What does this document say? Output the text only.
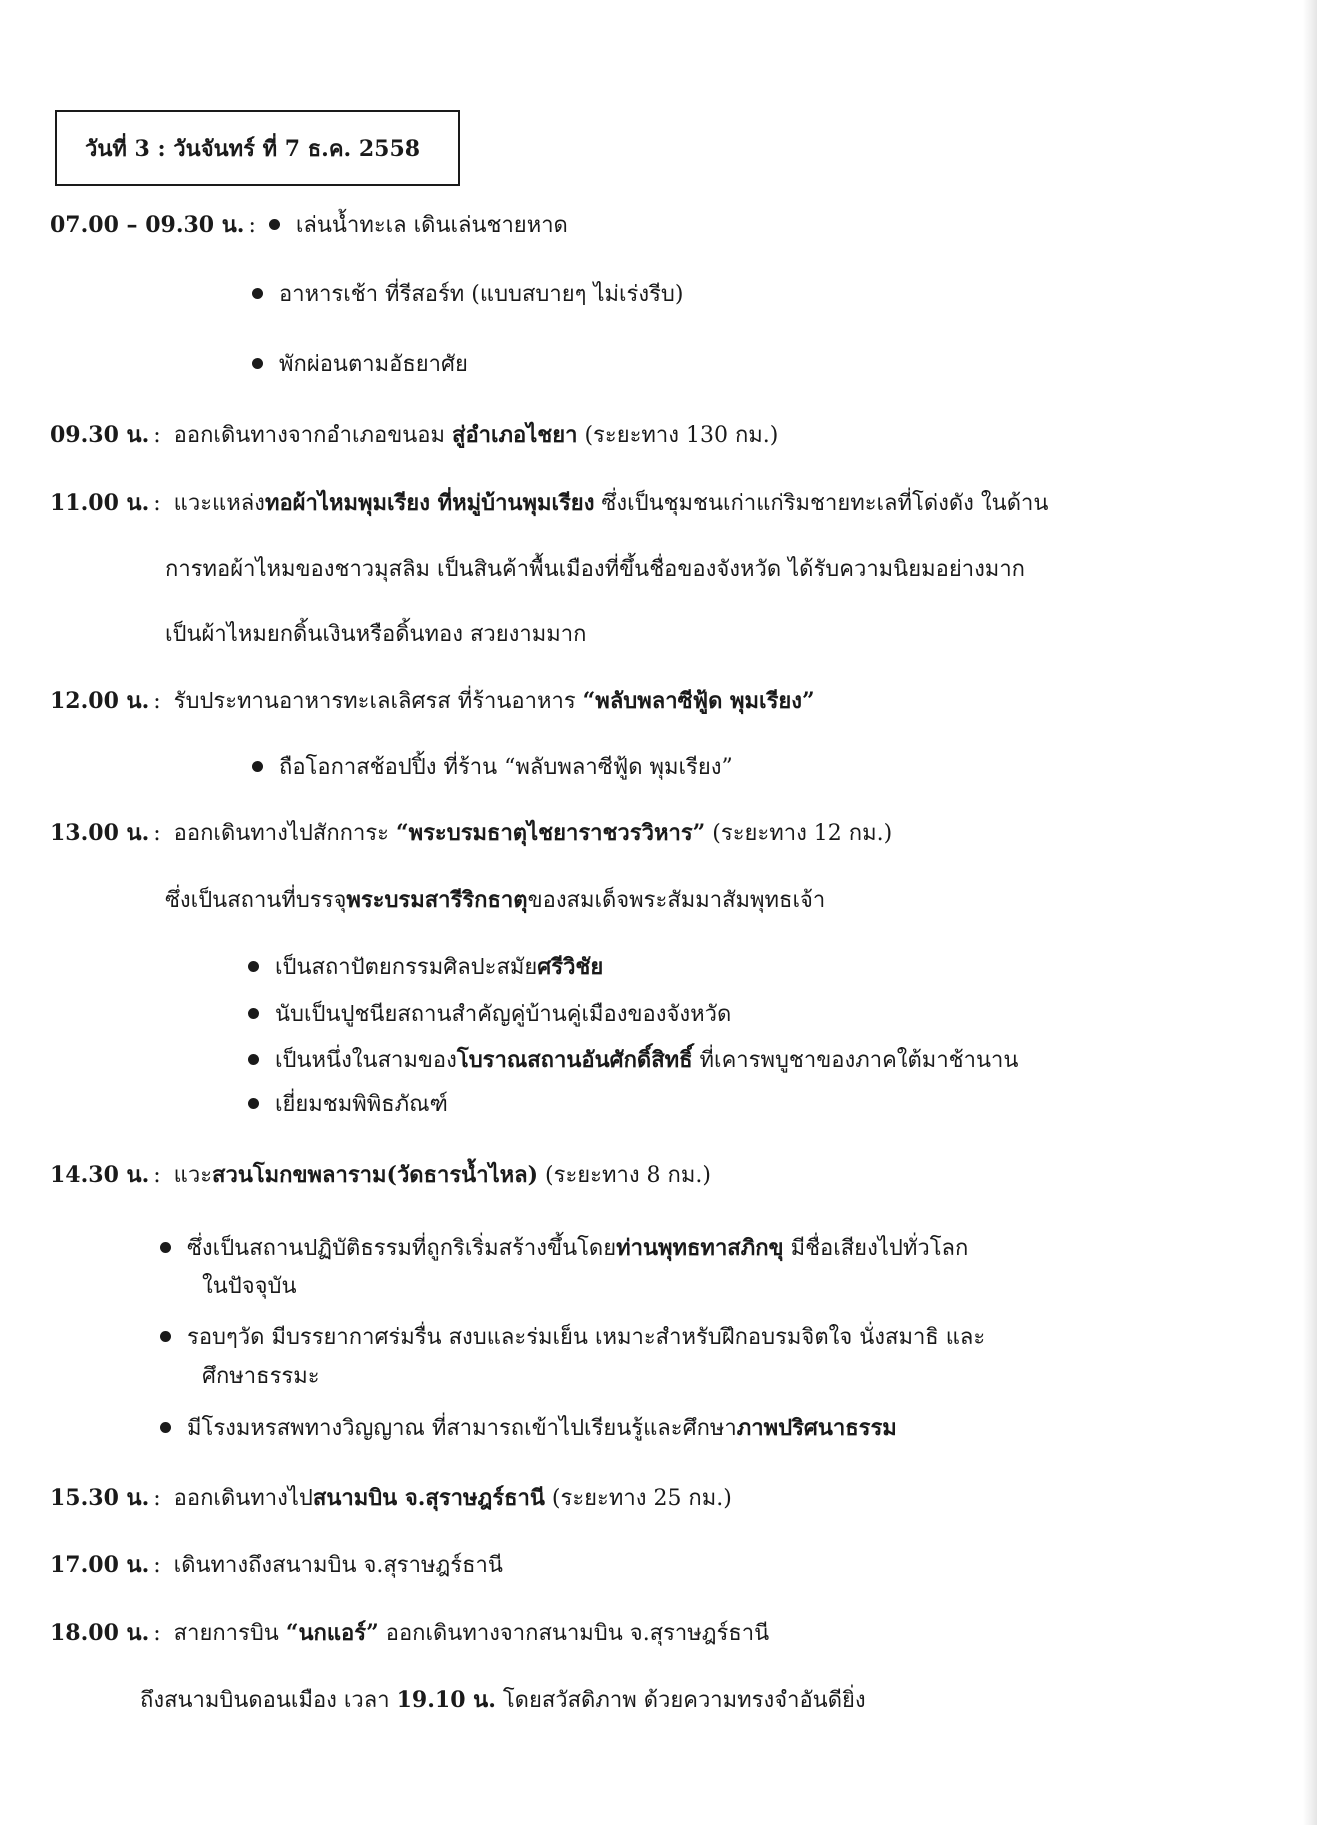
วันที่ 3 : วันจันทร์ ที่ 7 ธ.ค. 2558
07.00 – 09.30 น. : เล่นน้ำทะเล เดินเล่นชายหาด
อาหารเช้า ที่รีสอร์ท (แบบสบายๆ ไม่เร่งรีบ)
พักผ่อนตามอัธยาศัย
09.30 น. : ออกเดินทางจากอำเภอขนอม สู่อำเภอไชยา (ระยะทาง 130 กม.)
11.00 น. : แวะแหล่งทอผ้าไหมพุมเรียง ที่หมู่บ้านพุมเรียง ซึ่งเป็นชุมชนเก่าแก่ริมชายทะเลที่โด่งดัง ในด้าน
การทอผ้าไหมของชาวมุสลิม เป็นสินค้าพื้นเมืองที่ขึ้นชื่อของจังหวัด ได้รับความนิยมอย่างมาก
เป็นผ้าไหมยกดิ้นเงินหรือดิ้นทอง สวยงามมาก
12.00 น. : รับประทานอาหารทะเลเลิศรส ที่ร้านอาหาร “พลับพลาซีฟู้ด พุมเรียง”
ถือโอกาสช้อปปิ้ง ที่ร้าน “พลับพลาซีฟู้ด พุมเรียง”
13.00 น. : ออกเดินทางไปสักการะ “พระบรมธาตุไชยาราชวรวิหาร” (ระยะทาง 12 กม.)
ซึ่งเป็นสถานที่บรรจุพระบรมสารีริกธาตุของสมเด็จพระสัมมาสัมพุทธเจ้า
เป็นสถาปัตยกรรมศิลปะสมัยศรีวิชัย
นับเป็นปูชนียสถานสำคัญคู่บ้านคู่เมืองของจังหวัด
เป็นหนึ่งในสามของโบราณสถานอันศักดิ์สิทธิ์ ที่เคารพบูชาของภาคใต้มาช้านาน
เยี่ยมชมพิพิธภัณฑ์
14.30 น. : แวะสวนโมกขพลาราม(วัดธารน้ำไหล) (ระยะทาง 8 กม.)
ซึ่งเป็นสถานปฏิบัติธรรมที่ถูกริเริ่มสร้างขึ้นโดยท่านพุทธทาสภิกขุ มีชื่อเสียงไปทั่วโลก
ในปัจจุบัน
รอบๆวัด มีบรรยากาศร่มรื่น สงบและร่มเย็น เหมาะสำหรับฝึกอบรมจิตใจ นั่งสมาธิ และ
ศึกษาธรรมะ
มีโรงมหรสพทางวิญญาณ ที่สามารถเข้าไปเรียนรู้และศึกษาภาพปริศนาธรรม
15.30 น. : ออกเดินทางไปสนามบิน จ.สุราษฎร์ธานี (ระยะทาง 25 กม.)
17.00 น. : เดินทางถึงสนามบิน จ.สุราษฎร์ธานี
18.00 น. : สายการบิน “นกแอร์” ออกเดินทางจากสนามบิน จ.สุราษฎร์ธานี
ถึงสนามบินดอนเมือง เวลา 19.10 น. โดยสวัสดิภาพ ด้วยความทรงจำอันดียิ่ง
